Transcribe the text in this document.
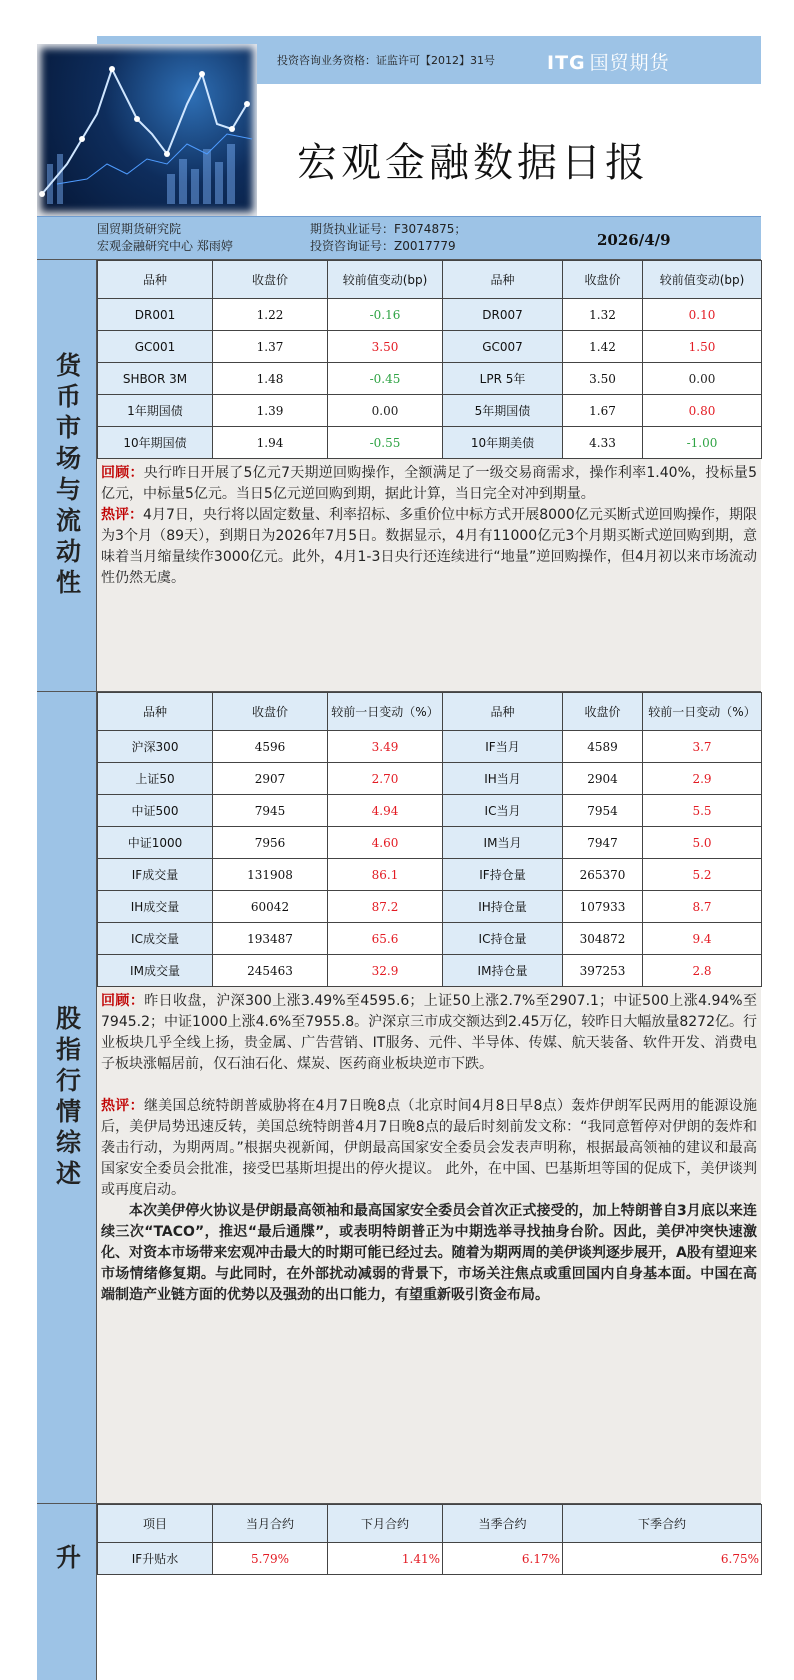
投资咨询业务资格：证监许可【2012】31号	ITG 国贸期货
宏观金融数据日报
国贸期货研究院
宏观金融研究中心 郑雨婷
期货执业证号：F3074875；
投资咨询证号：Z0017779	2026/4/9
货币市场与流动性
品种	收盘价	较前值变动(bp)	品种	收盘价	较前值变动(bp)
DR001	1.22	-0.16	DR007	1.32	0.10
GC001	1.37	3.50	GC007	1.42	1.50
SHBOR 3M	1.48	-0.45	LPR 5年	3.50	0.00
1年期国债	1.39	0.00	5年期国债	1.67	0.80
10年期国债	1.94	-0.55	10年期美债	4.33	-1.00

回顾：央行昨日开展了5亿元7天期逆回购操作，全额满足了一级交易商需求，操作利率1.40%，投标量5亿元，中标量5亿元。当日5亿元逆回购到期，据此计算，当日完全对冲到期量。

热评：4月7日，央行将以固定数量、利率招标、多重价位中标方式开展8000亿元买断式逆回购操作，期限为3个月（89天），到期日为2026年7月5日。数据显示，4月有11000亿元3个月期买断式逆回购到期，意味着当月缩量续作3000亿元。此外，4月1-3日央行还连续进行“地量”逆回购操作，但4月初以来市场流动性仍然无虞。

股指行情综述
品种	收盘价	较前一日变动（%）	品种	收盘价	较前一日变动（%）
沪深300	4596	3.49	IF当月	4589	3.7
上证50	2907	2.70	IH当月	2904	2.9
中证500	7945	4.94	IC当月	7954	5.5
中证1000	7956	4.60	IM当月	7947	5.0
IF成交量	131908	86.1	IF持仓量	265370	5.2
IH成交量	60042	87.2	IH持仓量	107933	8.7
IC成交量	193487	65.6	IC持仓量	304872	9.4
IM成交量	245463	32.9	IM持仓量	397253	2.8

回顾：昨日收盘，沪深300上涨3.49%至4595.6；上证50上涨2.7%至2907.1；中证500上涨4.94%至7945.2；中证1000上涨4.6%至7955.8。沪深京三市成交额达到2.45万亿，较昨日大幅放量8272亿。行业板块几乎全线上扬，贵金属、广告营销、IT服务、元件、半导体、传媒、航天装备、软件开发、消费电子板块涨幅居前，仅石油石化、煤炭、医药商业板块逆市下跌。

热评：继美国总统特朗普威胁将在4月7日晚8点（北京时间4月8日早8点）轰炸伊朗军民两用的能源设施后，美伊局势迅速反转，美国总统特朗普4月7日晚8点的最后时刻前发文称：“我同意暂停对伊朗的轰炸和袭击行动，为期两周。”根据央视新闻，伊朗最高国家安全委员会发表声明称，根据最高领袖的建议和最高国家安全委员会批准，接受巴基斯坦提出的停火提议。 此外，在中国、巴基斯坦等国的促成下，美伊谈判或再度启动。

本次美伊停火协议是伊朗最高领袖和最高国家安全委员会首次正式接受的，加上特朗普自3月底以来连续三次“TACO”，推迟“最后通牒”，或表明特朗普正为中期选举寻找抽身台阶。因此，美伊冲突快速激化、对资本市场带来宏观冲击最大的时期可能已经过去。随着为期两周的美伊谈判逐步展开，A股有望迎来市场情绪修复期。与此同时，在外部扰动减弱的背景下，市场关注焦点或重回国内自身基本面。中国在高端制造产业链方面的优势以及强劲的出口能力，有望重新吸引资金布局。

升
项目	当月合约	下月合约	当季合约	下季合约
IF升贴水	5.79%	1.41%	6.17%	6.75%
